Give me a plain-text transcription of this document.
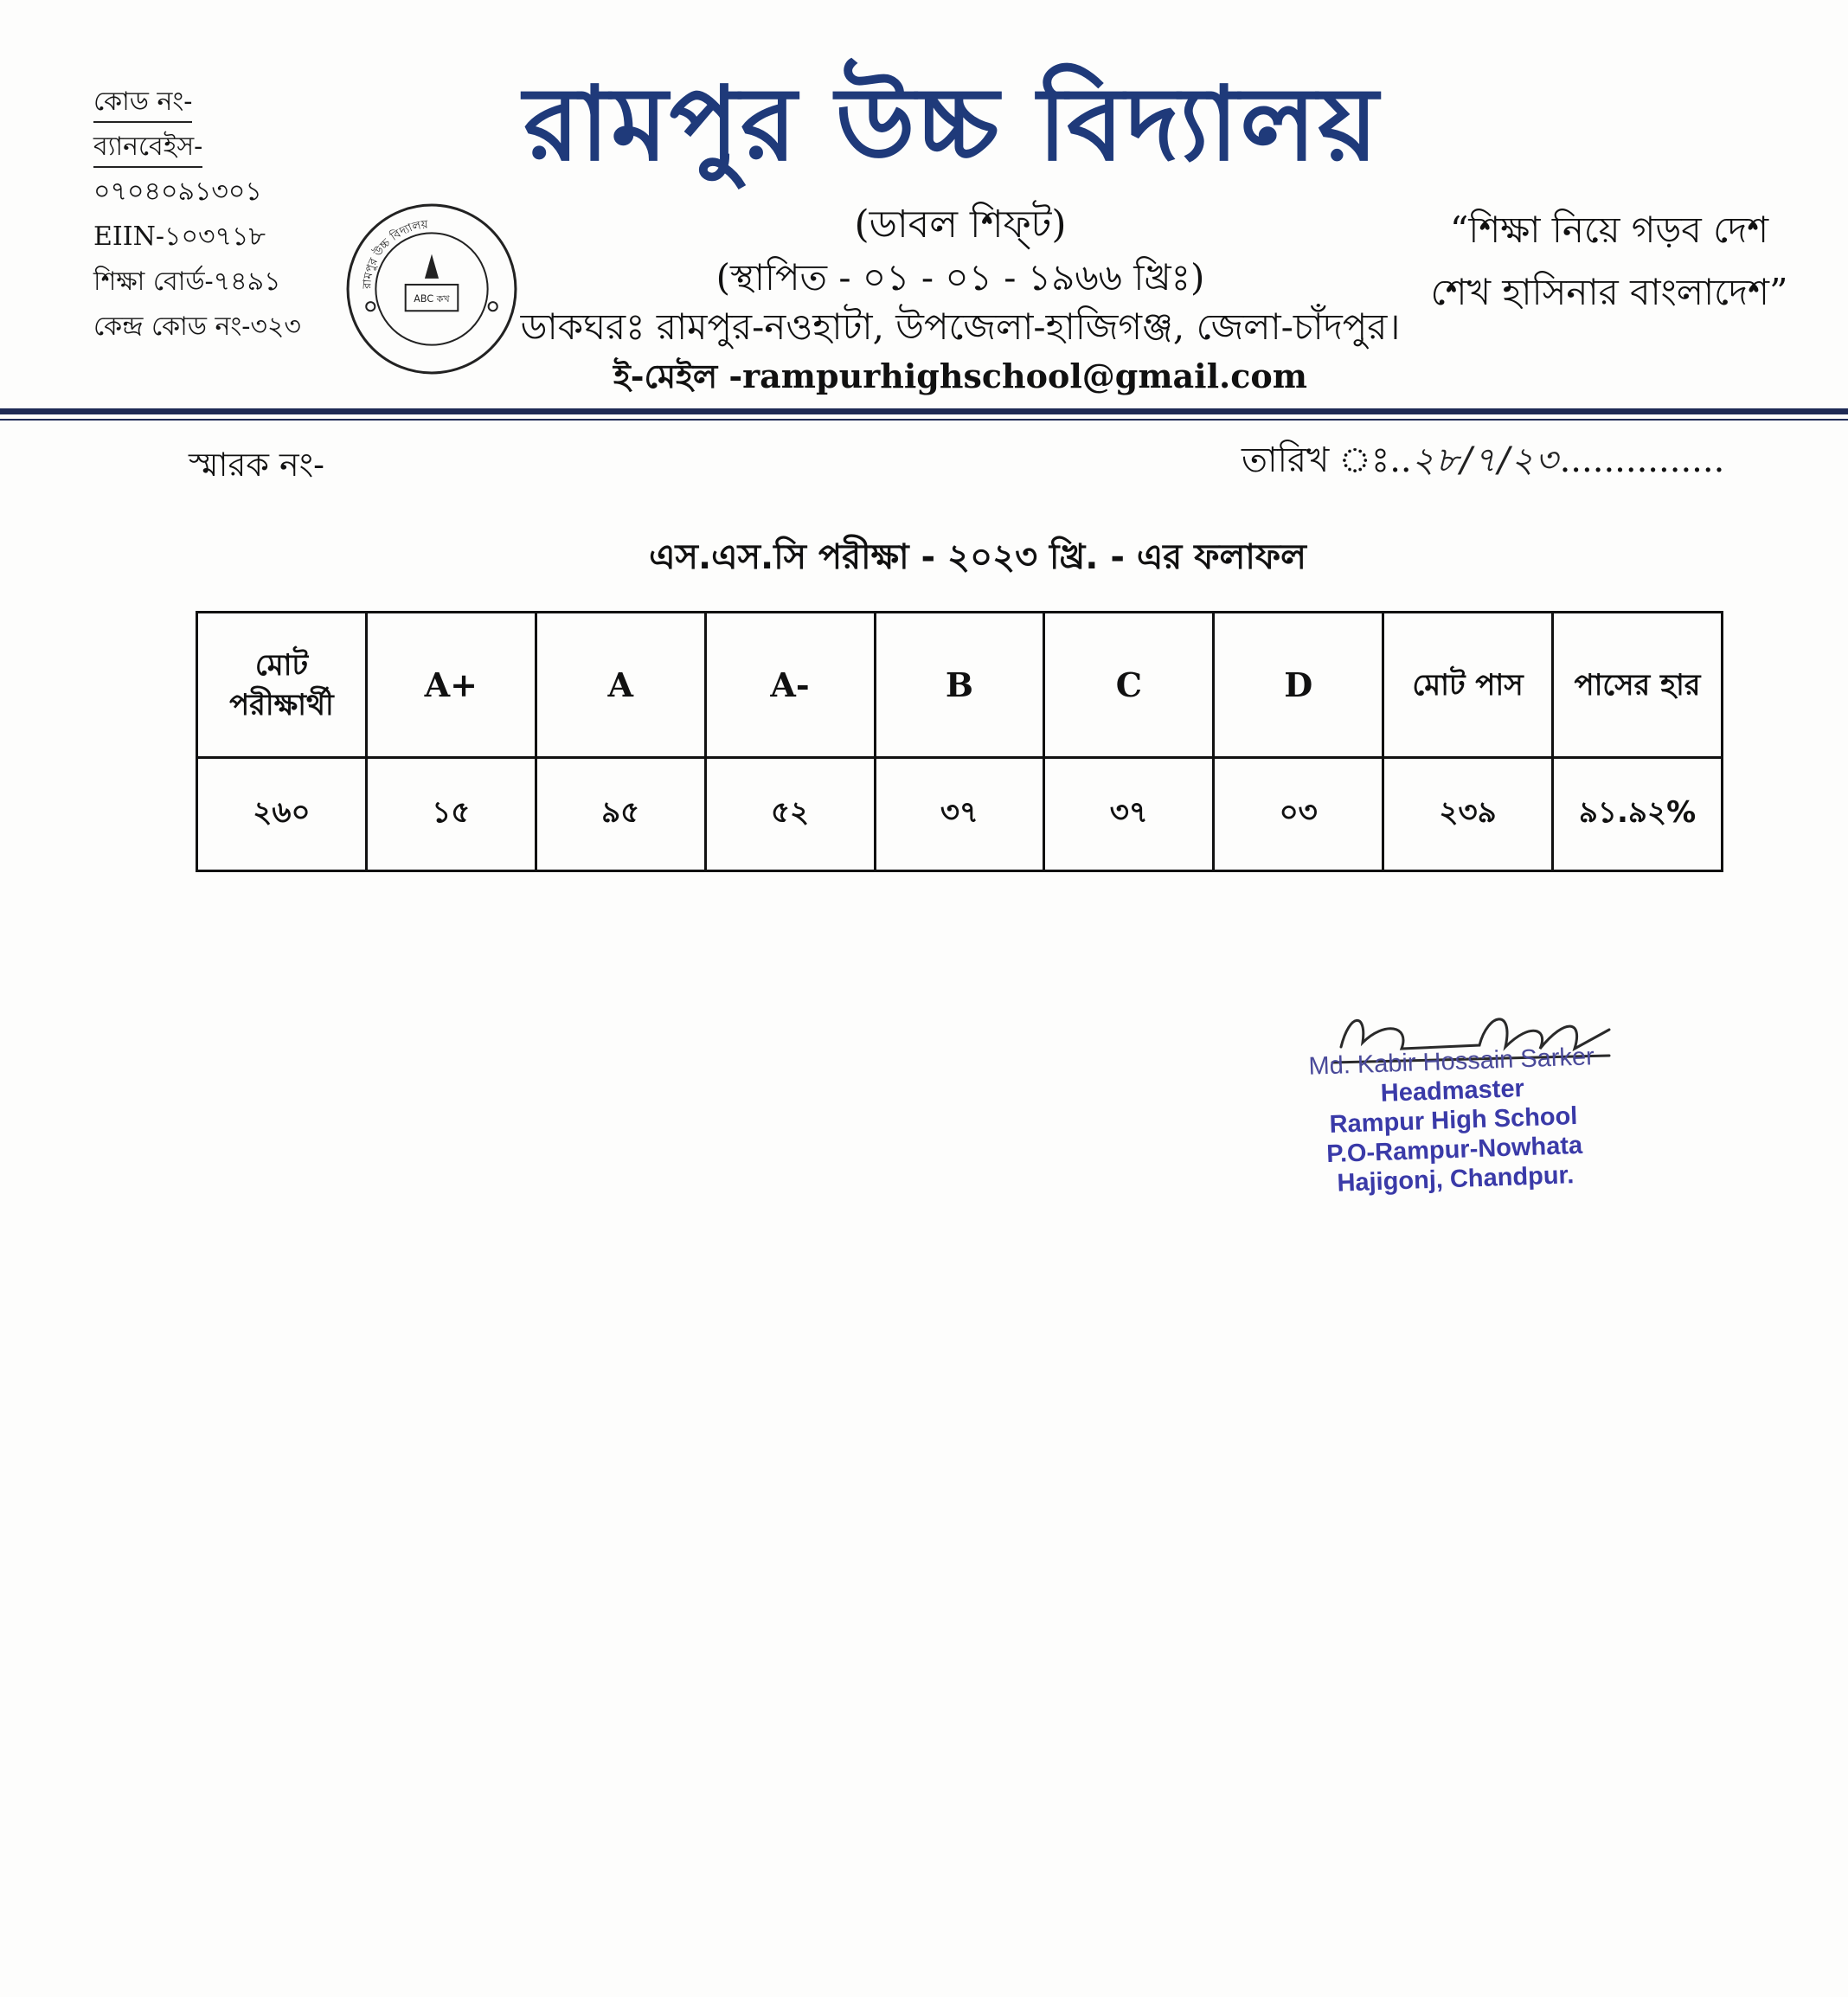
কোড নং-
ব্যানবেইস-
০৭০৪০৯১৩০১
EIIN-১০৩৭১৮
শিক্ষা বোর্ড-৭৪৯১
কেন্দ্র কোড নং-৩২৩
রামপুর উচ্চ বিদ্যালয়
ABC কখ
রামপুর উচ্চ বিদ্যালয়
(ডাবল শিফ্‌ট)
(স্থাপিত - ০১ - ০১ - ১৯৬৬ খ্রিঃ)
ডাকঘরঃ রামপুর-নওহাটা, উপজেলা-হাজিগঞ্জ, জেলা-চাঁদপুর।
ই-মেইল -rampurhighschool@gmail.com
“শিক্ষা নিয়ে গড়ব দেশ
শেখ হাসিনার বাংলাদেশ”
স্মারক নং-	তারিখ ঃ..২৮/৭/২৩...............
এস.এস.সি পরীক্ষা - ২০২৩ খ্রি. - এর ফলাফল
মোট পরীক্ষার্থী	A+	A	A-	B	C	D	মোট পাস	পাসের হার
২৬০	১৫	৯৫	৫২	৩৭	৩৭	০৩	২৩৯	৯১.৯২%
Md. Kabir Hossain Sarker
Headmaster
Rampur High School
P.O-Rampur-Nowhata
Hajigonj, Chandpur.
